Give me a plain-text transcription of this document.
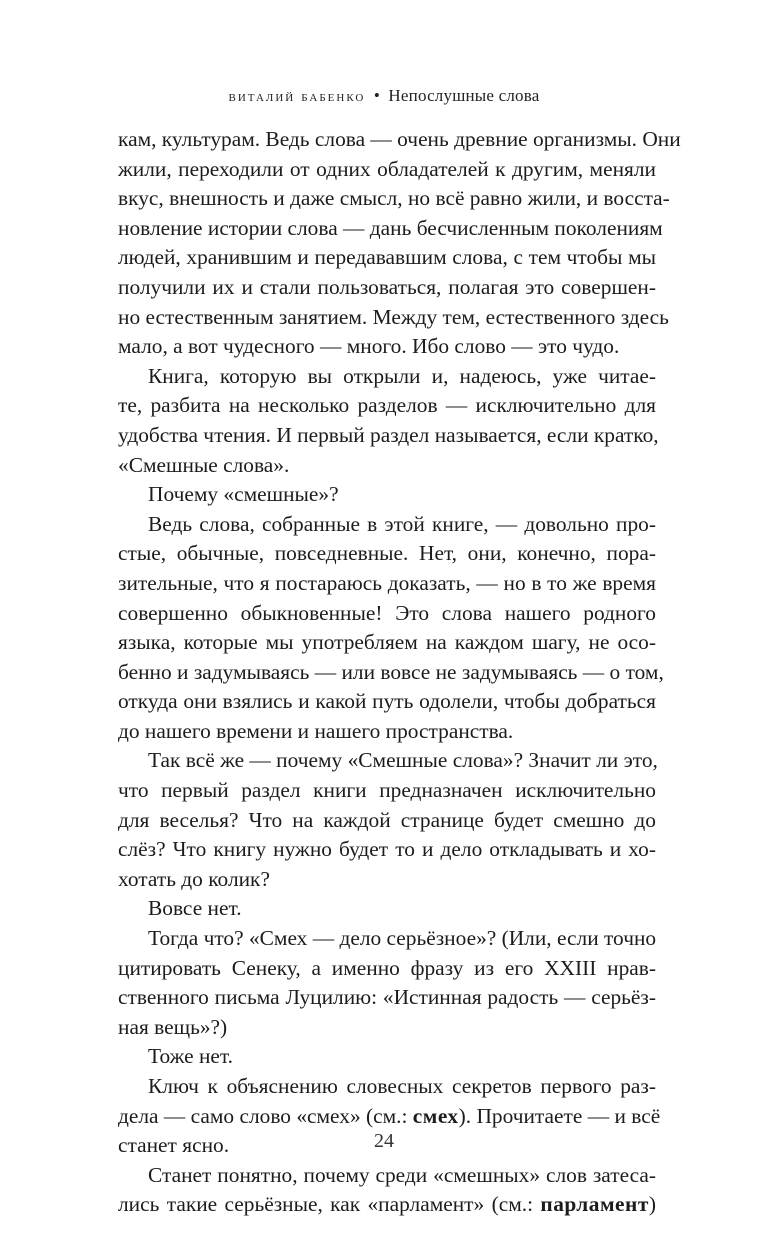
виталий бабенко • Непослушные слова
кам, культурам. Ведь слова — очень древние организмы. Они
жили, переходили от одних обладателей к другим, меняли
вкус, внешность и даже смысл, но всё равно жили, и восста-
новление истории слова — дань бесчисленным поколениям
людей, хранившим и передававшим слова, с тем чтобы мы
получили их и стали пользоваться, полагая это совершен-
но естественным занятием. Между тем, естественного здесь
мало, а вот чудесного — много. Ибо слово — это чудо.
Книга, которую вы открыли и, надеюсь, уже читае-
те, разбита на несколько разделов — исключительно для
удобства чтения. И первый раздел называется, если кратко,
«Смешные слова».
Почему «смешные»?
Ведь слова, собранные в этой книге, — довольно про-
стые, обычные, повседневные. Нет, они, конечно, пора-
зительные, что я постараюсь доказать, — но в то же время
совершенно обыкновенные! Это слова нашего родного
языка, которые мы употребляем на каждом шагу, не осо-
бенно и задумываясь — или вовсе не задумываясь — о том,
откуда они взялись и какой путь одолели, чтобы добраться
до нашего времени и нашего пространства.
Так всё же — почему «Смешные слова»? Значит ли это,
что первый раздел книги предназначен исключительно
для веселья? Что на каждой странице будет смешно до
слёз? Что книгу нужно будет то и дело откладывать и хо-
хотать до колик?
Вовсе нет.
Тогда что? «Смех — дело серьёзное»? (Или, если точно
цитировать Сенеку, а именно фразу из его XXIII нрав-
ственного письма Луцилию: «Истинная радость — серьёз-
ная вещь»?)
Тоже нет.
Ключ к объяснению словесных секретов первого раз-
дела — само слово «смех» (см.: смех). Прочитаете — и всё
станет ясно.
Станет понятно, почему среди «смешных» слов затеса-
лись такие серьёзные, как «парламент» (см.: парламент)
24
